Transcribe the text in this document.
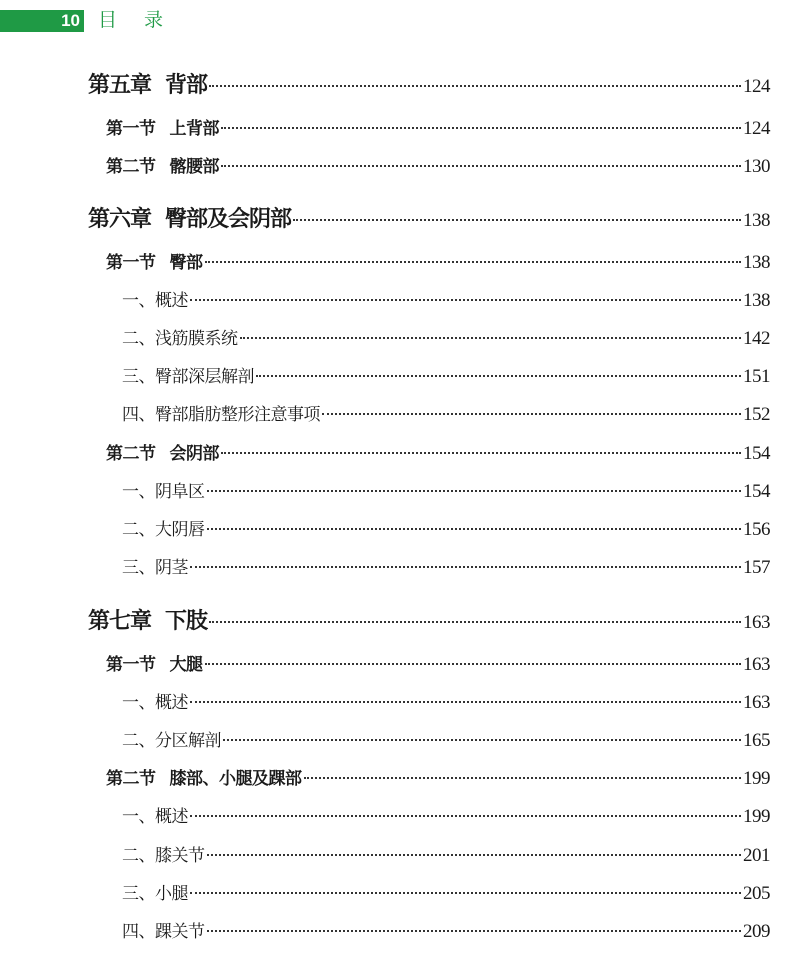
10 目录
第五章 背部	124
第一节 上背部	124
第二节 髂腰部	130
第六章 臀部及会阴部	138
第一节 臀部	138
一、概述	138
二、浅筋膜系统	142
三、臀部深层解剖	151
四、臀部脂肪整形注意事项	152
第二节 会阴部	154
一、阴阜区	154
二、大阴唇	156
三、阴茎	157
第七章 下肢	163
第一节 大腿	163
一、概述	163
二、分区解剖	165
第二节 膝部、小腿及踝部	199
一、概述	199
二、膝关节	201
三、小腿	205
四、踝关节	209
